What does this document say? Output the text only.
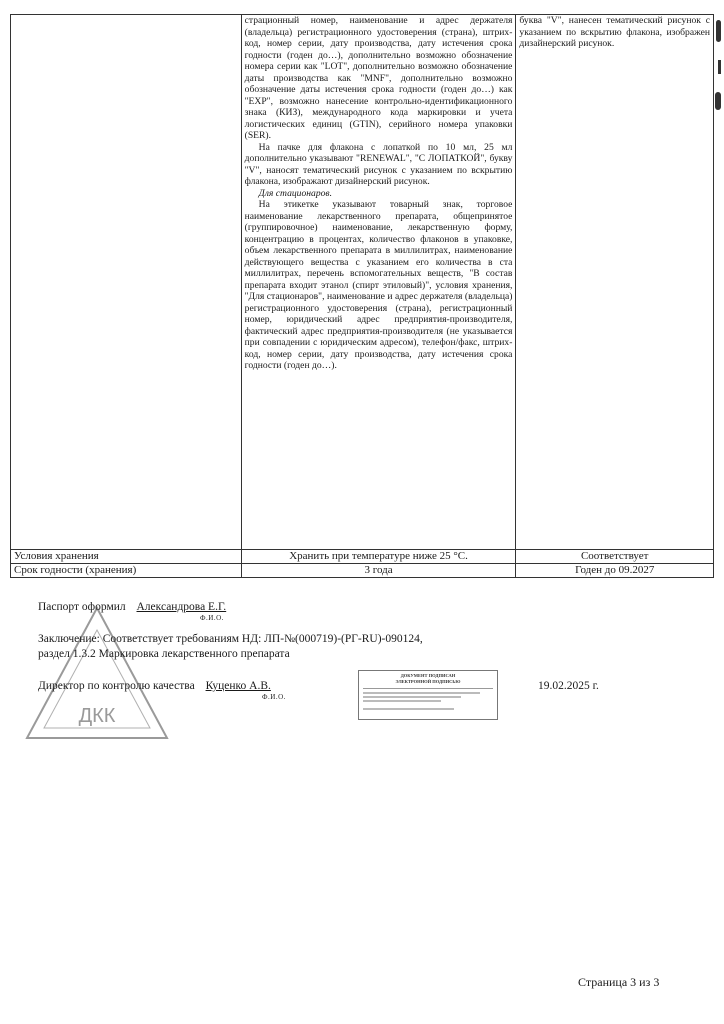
	страционный номер, наименование и адрес держателя (владельца) регистрационного удостоверения (страна), штрих-код, номер серии, дату производства, дату истечения срока годности (годен до…), дополнительно возможно обозначение номера серии как "LOT", дополнительно возможно обозначение даты производства как "MNF", дополнительно возможно обозначение даты истечения срока годности (годен до…) как "EXP", возможно нанесение контрольно-идентификационного знака (КИЗ), международного кода маркировки и учета логистических единиц (GTIN), серийного номера упаковки (SER).

На пачке для флакона с лопаткой по 10 мл, 25 мл дополнительно указывают "RENEWAL", "С ЛОПАТКОЙ", букву "V", наносят тематический рисунок с указанием по вскрытию флакона, изображают дизайнерский рисунок.

Для стационаров.

На этикетке указывают товарный знак, торговое наименование лекарственного препарата, общепринятое (группировочное) наименование, лекарственную форму, концентрацию в процентах, количество флаконов в упаковке, объем лекарственного препарата в миллилитрах, наименование действующего вещества с указанием его количества в ста миллилитрах, перечень вспомогательных веществ, "В состав препарата входит этанол (спирт этиловый)", условия хранения, "Для стационаров", наименование и адрес держателя (владельца) регистрационного удостоверения (страна), регистрационный номер, юридический адрес предприятия-производителя, фактический адрес предприятия-производителя (не указывается при совпадении с юридическим адресом), телефон/факс, штрих-код, номер серии, дату производства, дату истечения срока годности (годен до…).	буква "V", нанесен тематический рисунок с указанием по вскрытию флакона, изображен дизайнерский рисунок.
Условия хранения	Хранить при температуре ниже 25 °С.	Соответствует
Срок годности (хранения)	3 года	Годен до 09.2027
ДКК
Паспорт оформил Александрова Е.Г.
Ф.И.О.
Заключение: Соответствует требованиям НД: ЛП-№(000719)-(РГ-RU)-090124,
раздел 1.3.2 Маркировка лекарственного препарата
Директор по контролю качества Куценко А.В.
Ф.И.О.
ДОКУМЕНТ ПОДПИСАН
ЭЛЕКТРОННОЙ ПОДПИСЬЮ	19.02.2025 г.
Страница 3 из 3
